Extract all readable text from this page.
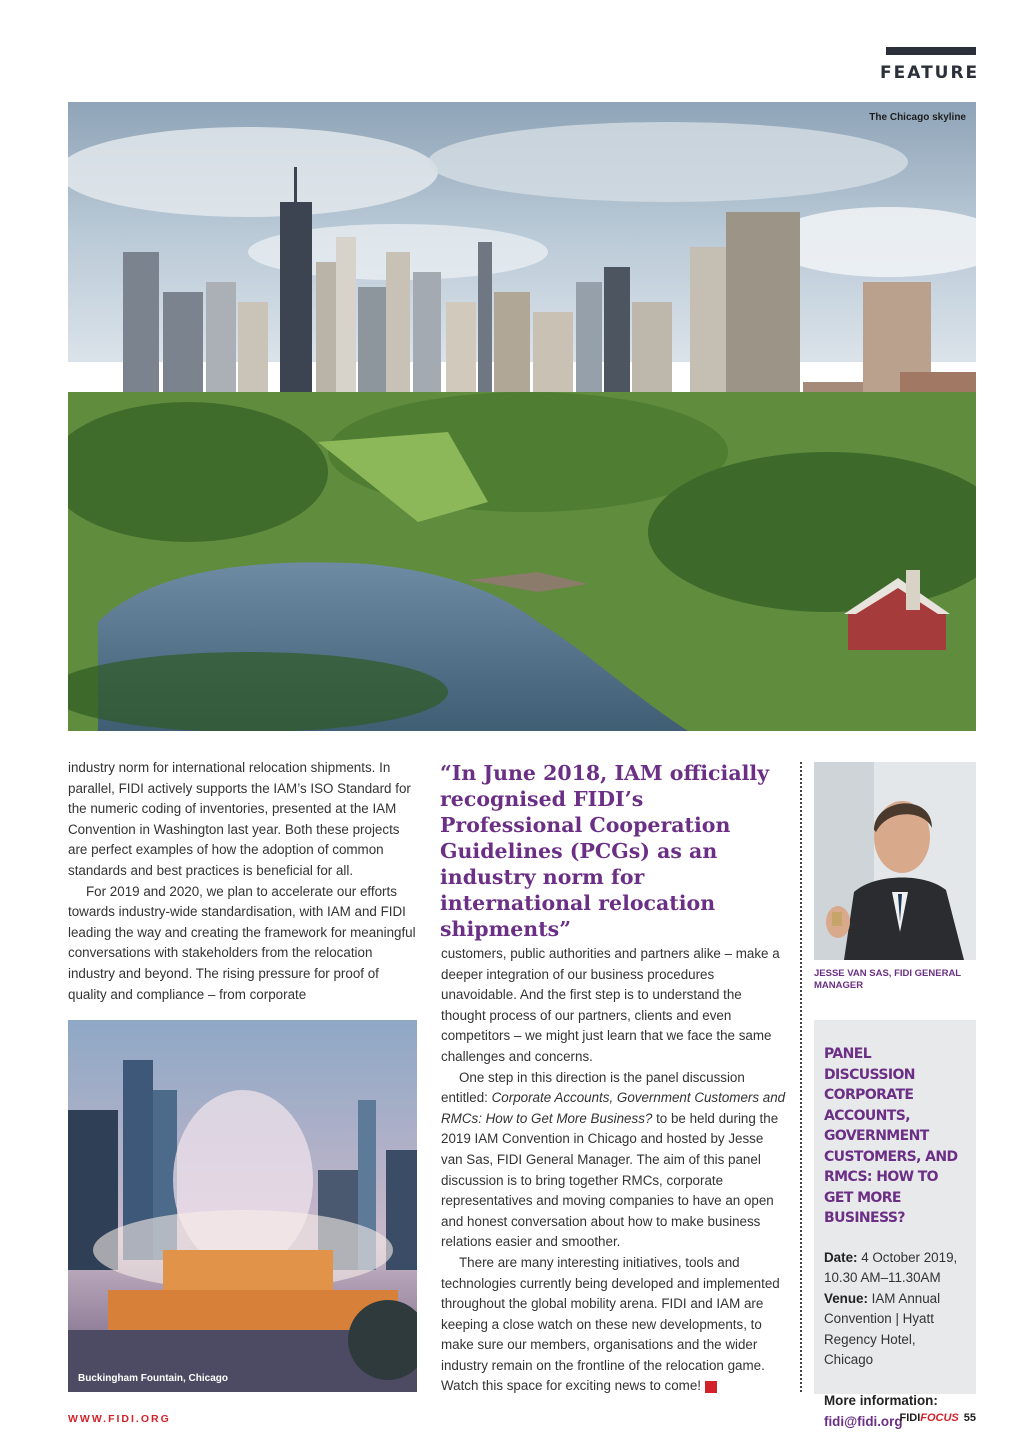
FEATURE
The Chicago skyline

industry norm for international relocation shipments. In parallel, FIDI actively supports the IAM’s ISO Standard for the numeric coding of inventories, presented at the IAM Convention in Washington last year. Both these projects are perfect examples of how the adoption of common standards and best practices is beneficial for all.

For 2019 and 2020, we plan to accelerate our efforts towards industry-wide standardisation, with IAM and FIDI leading the way and creating the framework for meaningful conversations with stakeholders from the relocation industry and beyond. The rising pressure for proof of quality and compliance – from corporate

“In June 2018, IAM officially recognised FIDI’s Professional Cooperation Guidelines (PCGs) as an industry norm for international relocation shipments”

customers, public authorities and partners alike – make a deeper integration of our business procedures unavoidable. And the first step is to understand the thought process of our partners, clients and even competitors – we might just learn that we face the same challenges and concerns.

One step in this direction is the panel discussion entitled: Corporate Accounts, Government Customers and RMCs: How to Get More Business? to be held during the 2019 IAM Convention in Chicago and hosted by Jesse van Sas, FIDI General Manager. The aim of this panel discussion is to bring together RMCs, corporate representatives and moving companies to have an open and honest conversation about how to make business relations easier and smoother.

There are many interesting initiatives, tools and technologies currently being developed and implemented throughout the global mobility arena. FIDI and IAM are keeping a close watch on these new developments, to make sure our members, organisations and the wider industry remain on the frontline of the relocation game. Watch this space for exciting news to come!	FF

JESSE VAN SAS, FIDI GENERAL MANAGER
PANEL DISCUSSION CORPORATE ACCOUNTS, GOVERNMENT CUSTOMERS, AND RMCS: HOW TO GET MORE BUSINESS?
Date: 4 October 2019, 10.30 AM–11.30AM
Venue: IAM Annual Convention | Hyatt Regency Hotel, Chicago
More information:
fidi@fidi.org
Buckingham Fountain, Chicago
WWW.FIDI.ORG	FIDIFOCUS 55
